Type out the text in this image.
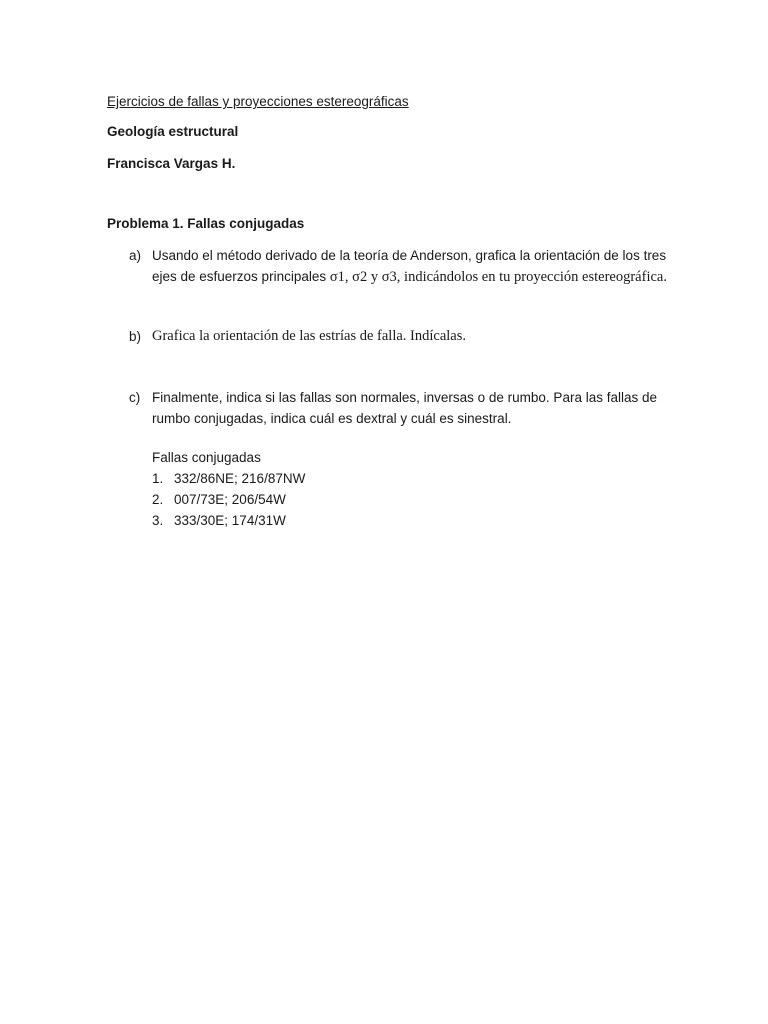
Ejercicios de fallas y proyecciones estereográficas
Geología estructural
Francisca Vargas H.
Problema 1. Fallas conjugadas
a) Usando el método derivado de la teoría de Anderson, grafica la orientación de los tres ejes de esfuerzos principales σ1, σ2 y σ3, indicándolos en tu proyección estereográfica.
b) Grafica la orientación de las estrías de falla. Indícalas.
c) Finalmente, indica si las fallas son normales, inversas o de rumbo. Para las fallas de rumbo conjugadas, indica cuál es dextral y cuál es sinestral.
Fallas conjugadas
1. 332/86NE; 216/87NW
2. 007/73E; 206/54W
3. 333/30E; 174/31W
